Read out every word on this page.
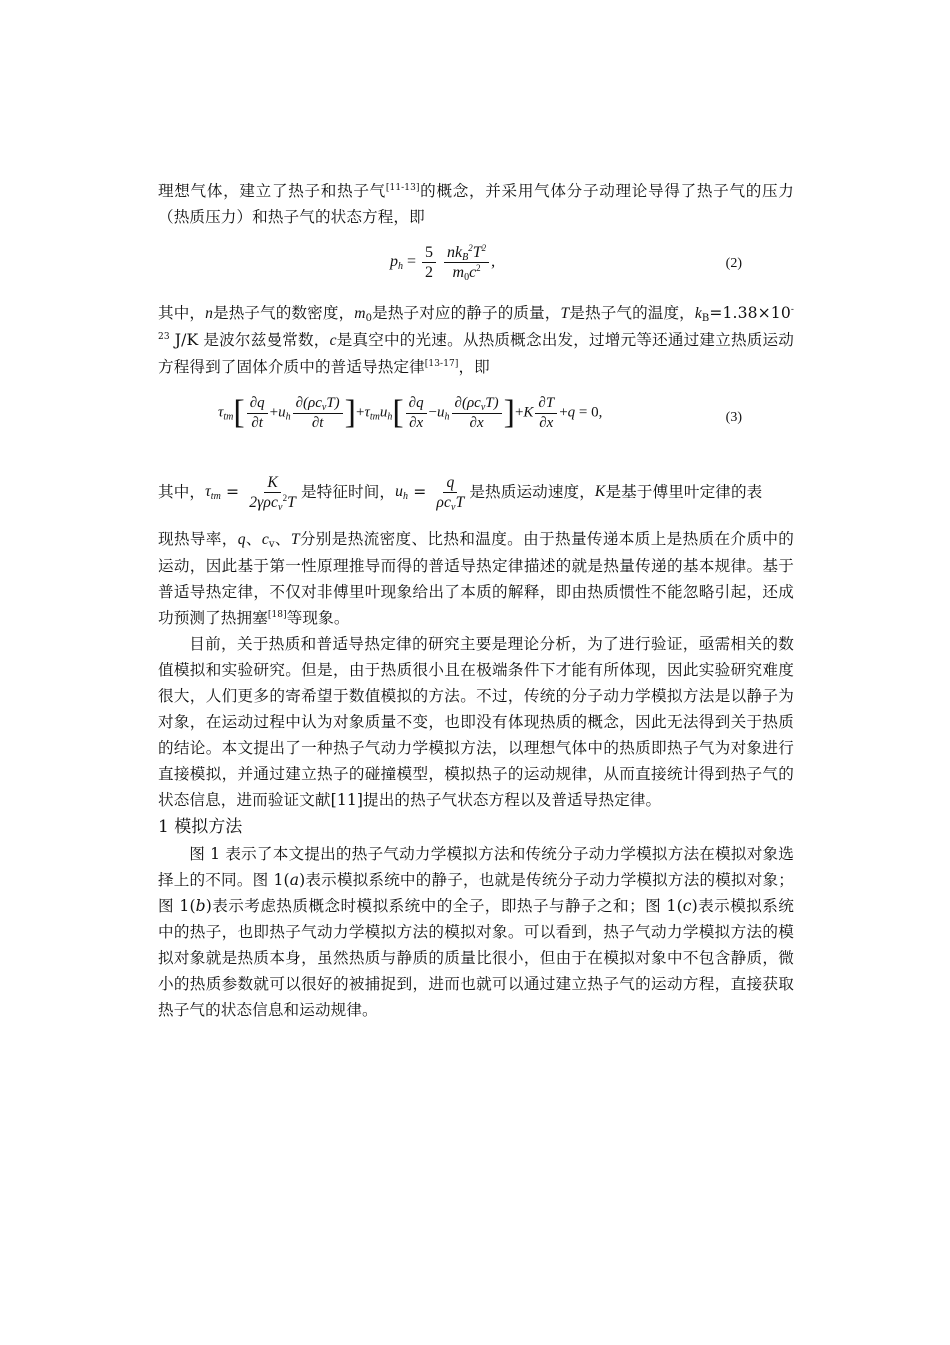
理想气体，建立了热子和热子气[11-13]的概念，并采用气体分子动理论导得了热子气的压力（热质压力）和热子气的状态方程，即

$p_h = \frac{5}{2}$
$\frac{nk_B^2T^2}{m_0c^2}$ ,	(2)

其中，n是热子气的数密度，$m_0$是热子对应的静子的质量，T是热子气的温度，$k_B=1.38\times 10^{-23}$ J/K 是波尔兹曼常数，c是真空中的光速。从热质概念出发，过增元等还通过建立热质运动方程得到了固体介质中的普适导热定律[13-17]，即

$\tau_{tm}[ \frac{\partial q}{\partial t} +u_h \frac{\partial(\rho c_vT)}{\partial t} ]+\tau_{tm}u_h[ \frac{\partial q}{\partial x} -u_h \frac{\partial(\rho c_vT)}{\partial x} ]+K \frac{\partial T}{\partial x} +q = 0$,	(3)
其中， $\tau_{tm} = \frac{K}{2\gamma\rho c_v^2T}$ 是特征时间， $u_h = \frac{q}{\rho c_vT}$ 是热质运动速度， K 是基于傅里叶定律的表

现热导率，q、$c_v$、T分别是热流密度、比热和温度。由于热量传递本质上是热质在介质中的运动，因此基于第一性原理推导而得的普适导热定律描述的就是热量传递的基本规律。基于普适导热定律，不仅对非傅里叶现象给出了本质的解释，即由热质惯性不能忽略引起，还成功预测了热拥塞[18]等现象。

目前，关于热质和普适导热定律的研究主要是理论分析，为了进行验证，亟需相关的数值模拟和实验研究。但是，由于热质很小且在极端条件下才能有所体现，因此实验研究难度很大，人们更多的寄希望于数值模拟的方法。不过，传统的分子动力学模拟方法是以静子为对象，在运动过程中认为对象质量不变，也即没有体现热质的概念，因此无法得到关于热质的结论。本文提出了一种热子气动力学模拟方法，以理想气体中的热质即热子气为对象进行直接模拟，并通过建立热子的碰撞模型，模拟热子的运动规律，从而直接统计得到热子气的状态信息，进而验证文献[11]提出的热子气状态方程以及普适导热定律。

1 模拟方法

图 1 表示了本文提出的热子气动力学模拟方法和传统分子动力学模拟方法在模拟对象选择上的不同。图 1(a)表示模拟系统中的静子，也就是传统分子动力学模拟方法的模拟对象；图 1(b)表示考虑热质概念时模拟系统中的全子，即热子与静子之和；图 1(c)表示模拟系统中的热子，也即热子气动力学模拟方法的模拟对象。可以看到，热子气动力学模拟方法的模拟对象就是热质本身，虽然热质与静质的质量比很小，但由于在模拟对象中不包含静质，微小的热质参数就可以很好的被捕捉到，进而也就可以通过建立热子气的运动方程，直接获取热子气的状态信息和运动规律。
